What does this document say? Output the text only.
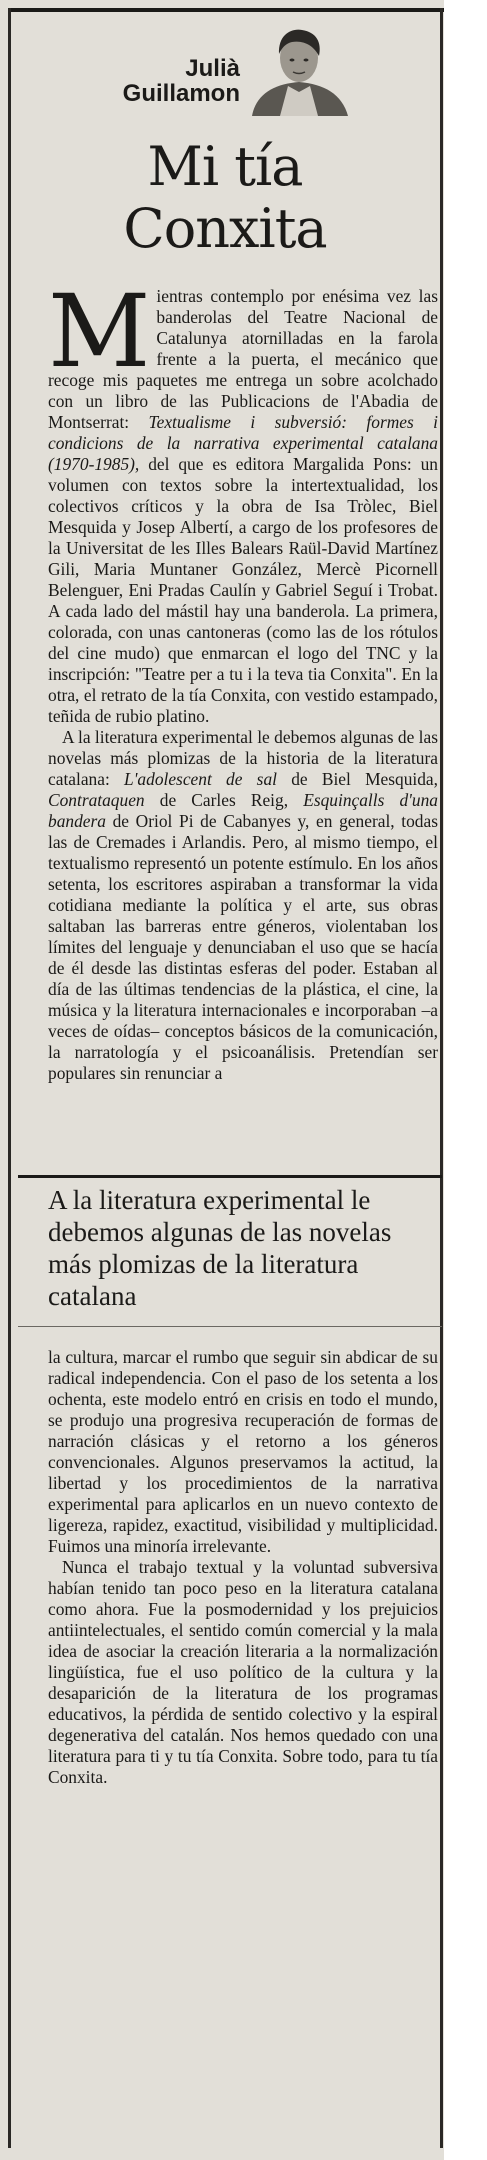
Julià
Guillamon
Mi tía
Conxita

Mientras contemplo por enésima vez las banderolas del Teatre Nacional de Catalunya atornilladas en la farola frente a la puerta, el mecánico que recoge mis paquetes me entrega un sobre acolchado con un libro de las Publicacions de l'Abadia de Montserrat: Textualisme i subversió: formes i condicions de la narrativa experimental catalana (1970-1985), del que es editora Margalida Pons: un volumen con textos sobre la intertextualidad, los colectivos críticos y la obra de Isa Tròlec, Biel Mesquida y Josep Albertí, a cargo de los profesores de la Universitat de les Illes Balears Raül-David Martínez Gili, Maria Muntaner González, Mercè Picornell Belenguer, Eni Pradas Caulín y Gabriel Seguí i Trobat. A cada lado del mástil hay una banderola. La primera, colorada, con unas cantoneras (como las de los rótulos del cine mudo) que enmarcan el logo del TNC y la inscripción: "Teatre per a tu i la teva tia Conxita". En la otra, el retrato de la tía Conxita, con vestido estampado, teñida de rubio platino.

A la literatura experimental le debemos algunas de las novelas más plomizas de la historia de la literatura catalana: L'adolescent de sal de Biel Mesquida, Contrataquen de Carles Reig, Esquinçalls d'una bandera de Oriol Pi de Cabanyes y, en general, todas las de Cremades i Arlandis. Pero, al mismo tiempo, el textualismo representó un potente estímulo. En los años setenta, los escritores aspiraban a transformar la vida cotidiana mediante la política y el arte, sus obras saltaban las barreras entre géneros, violentaban los límites del lenguaje y denunciaban el uso que se hacía de él desde las distintas esferas del poder. Estaban al día de las últimas tendencias de la plástica, el cine, la música y la literatura internacionales e incorporaban –a veces de oídas– conceptos básicos de la comunicación, la narratología y el psicoanálisis. Pretendían ser populares sin renunciar a

A la literatura experimental le debemos algunas de las novelas más plomizas de la literatura catalana

la cultura, marcar el rumbo que seguir sin abdicar de su radical independencia. Con el paso de los setenta a los ochenta, este modelo entró en crisis en todo el mundo, se produjo una progresiva recuperación de formas de narración clásicas y el retorno a los géneros convencionales. Algunos preservamos la actitud, la libertad y los procedimientos de la narrativa experimental para aplicarlos en un nuevo contexto de ligereza, rapidez, exactitud, visibilidad y multiplicidad. Fuimos una minoría irrelevante.

Nunca el trabajo textual y la voluntad subversiva habían tenido tan poco peso en la literatura catalana como ahora. Fue la posmodernidad y los prejuicios antiintelectuales, el sentido común comercial y la mala idea de asociar la creación literaria a la normalización lingüística, fue el uso político de la cultura y la desaparición de la literatura de los programas educativos, la pérdida de sentido colectivo y la espiral degenerativa del catalán. Nos hemos quedado con una literatura para ti y tu tía Conxita. Sobre todo, para tu tía Conxita.
